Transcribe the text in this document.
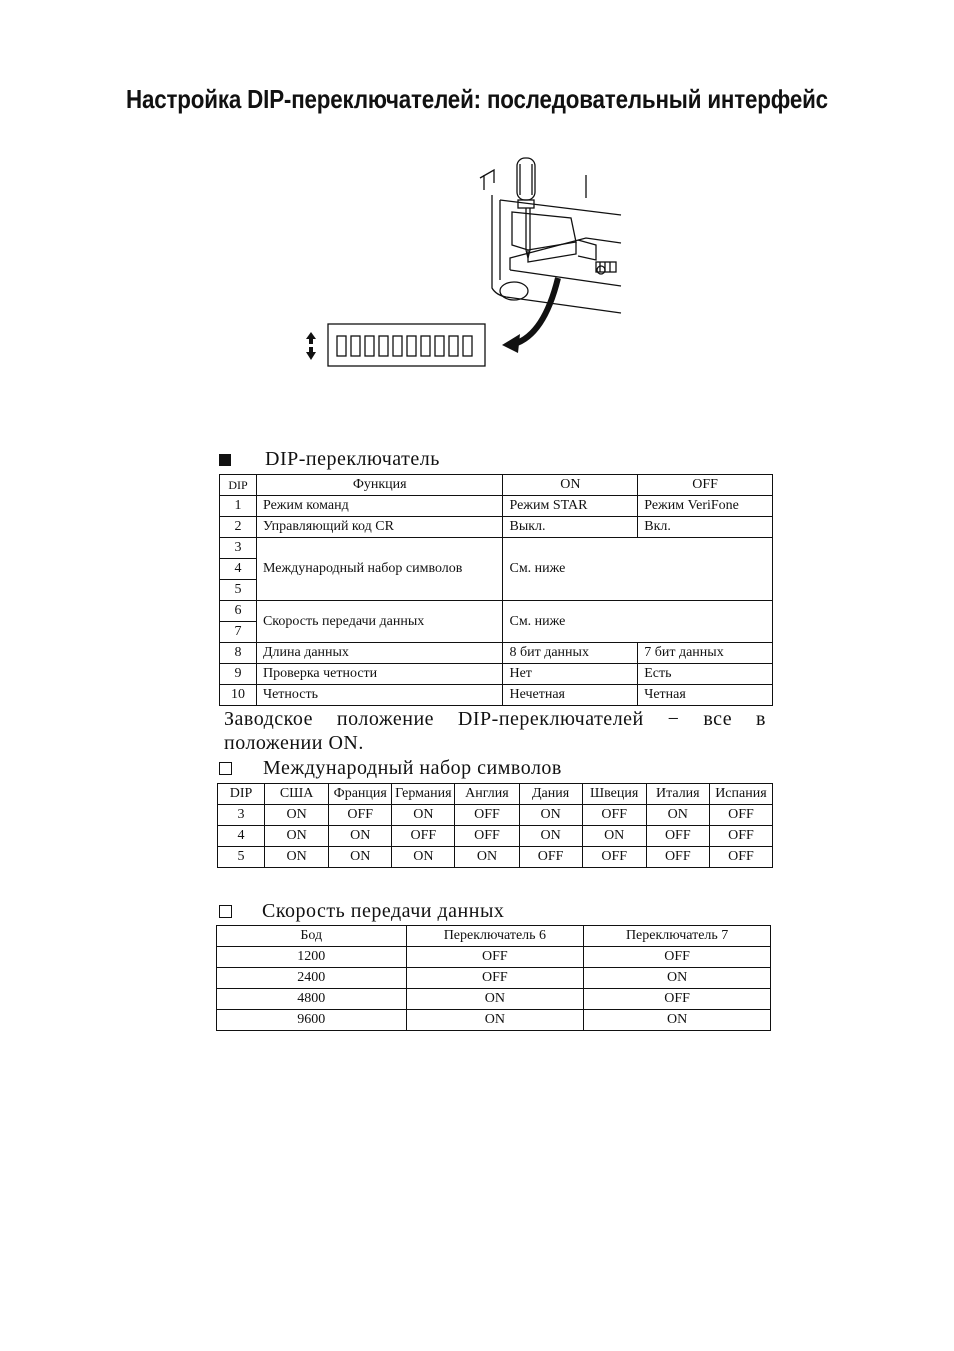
Настройка DIP-переключателей: последовательный интерфейс
DIP-переключатель
DIP	Функция	ON	OFF
1	Режим команд	Режим STAR	Режим VeriFone
2	Управляющий код CR	Выкл.	Вкл.
3	Международный набор символов	См. ниже	
4			
5			
6	Скорость передачи данных	См. ниже	
7			
8	Длина данных	8 бит данных	7 бит данных
9	Проверка четности	Нет	Есть
10	Четность	Нечетная	Четная
Заводское положение DIP-переключателей − все в
положении ON.
Международный набор символов
DIP	США	Франция	Германия	Англия	Дания	Швеция	Италия	Испания
3	ON	OFF	ON	OFF	ON	OFF	ON	OFF
4	ON	ON	OFF	OFF	ON	ON	OFF	OFF
5	ON	ON	ON	ON	OFF	OFF	OFF	OFF
Скорость передачи данных
Бод	Переключатель 6	Переключатель 7
1200	OFF	OFF
2400	OFF	ON
4800	ON	OFF
9600	ON	ON
